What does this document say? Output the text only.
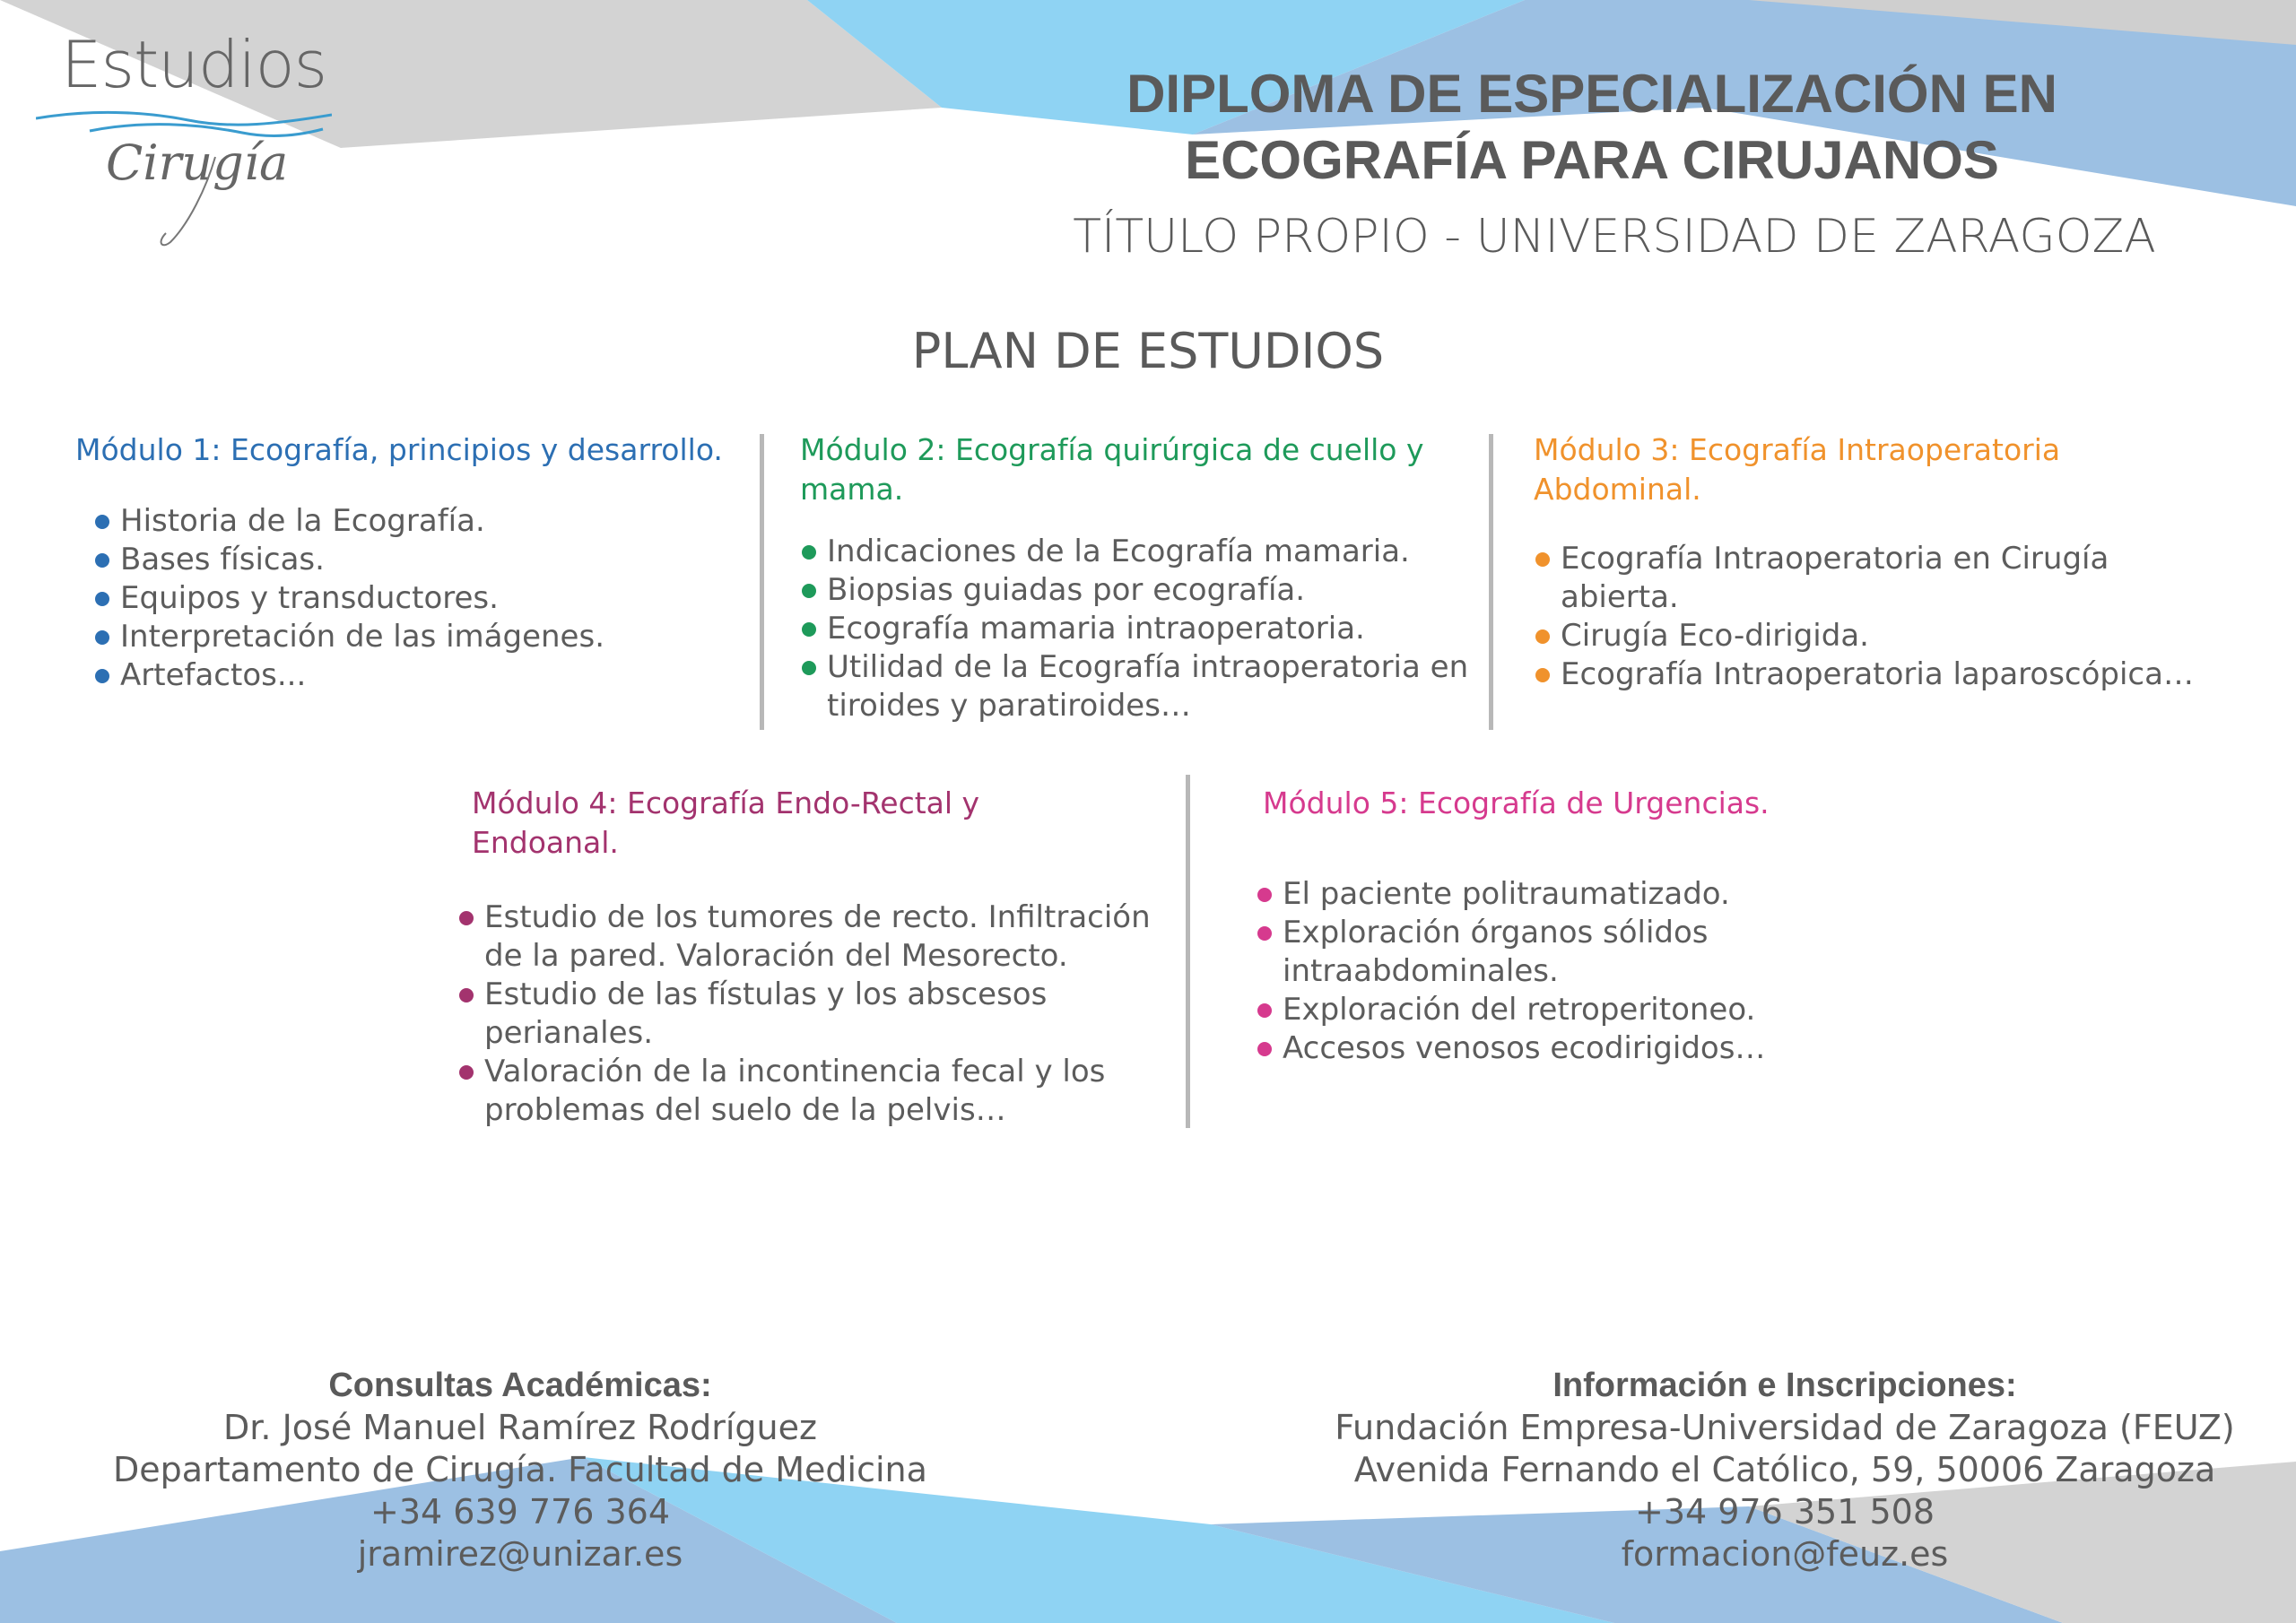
Estudios
Cirugía
DIPLOMA DE ESPECIALIZACIÓN EN
ECOGRAFÍA PARA CIRUJANOS
TÍTULO PROPIO - UNIVERSIDAD DE ZARAGOZA
PLAN DE ESTUDIOS
Módulo 1: Ecografía, principios y desarrollo.
Historia de la Ecografía.
Bases físicas.
Equipos y transductores.
Interpretación de las imágenes.
Artefactos...
Módulo 2: Ecografía quirúrgica de cuello y mama.
Indicaciones de la Ecografía mamaria.
Biopsias guiadas por ecografía.
Ecografía mamaria intraoperatoria.
Utilidad de la Ecografía intraoperatoria en tiroides y paratiroides…
Módulo 3: Ecografía Intraoperatoria Abdominal.
Ecografía Intraoperatoria en Cirugía abierta.
Cirugía Eco-dirigida.
Ecografía Intraoperatoria laparoscópica…
Módulo 4: Ecografía Endo-Rectal y Endoanal.
Estudio de los tumores de recto. Infiltración de la pared. Valoración del Mesorecto.
Estudio de las fístulas y los abscesos perianales.
Valoración de la incontinencia fecal y los problemas del suelo de la pelvis…
Módulo 5: Ecografía de Urgencias.
El paciente politraumatizado.
Exploración órganos sólidos intraabdominales.
Exploración del retroperitoneo.
Accesos venosos ecodirigidos…
Consultas Académicas:
Dr. José Manuel Ramírez Rodríguez
Departamento de Cirugía. Facultad de Medicina
+34 639 776 364
jramirez@unizar.es
Información e Inscripciones:
Fundación Empresa-Universidad de Zaragoza (FEUZ)
Avenida Fernando el Católico, 59, 50006 Zaragoza
+34 976 351 508
formacion@feuz.es
